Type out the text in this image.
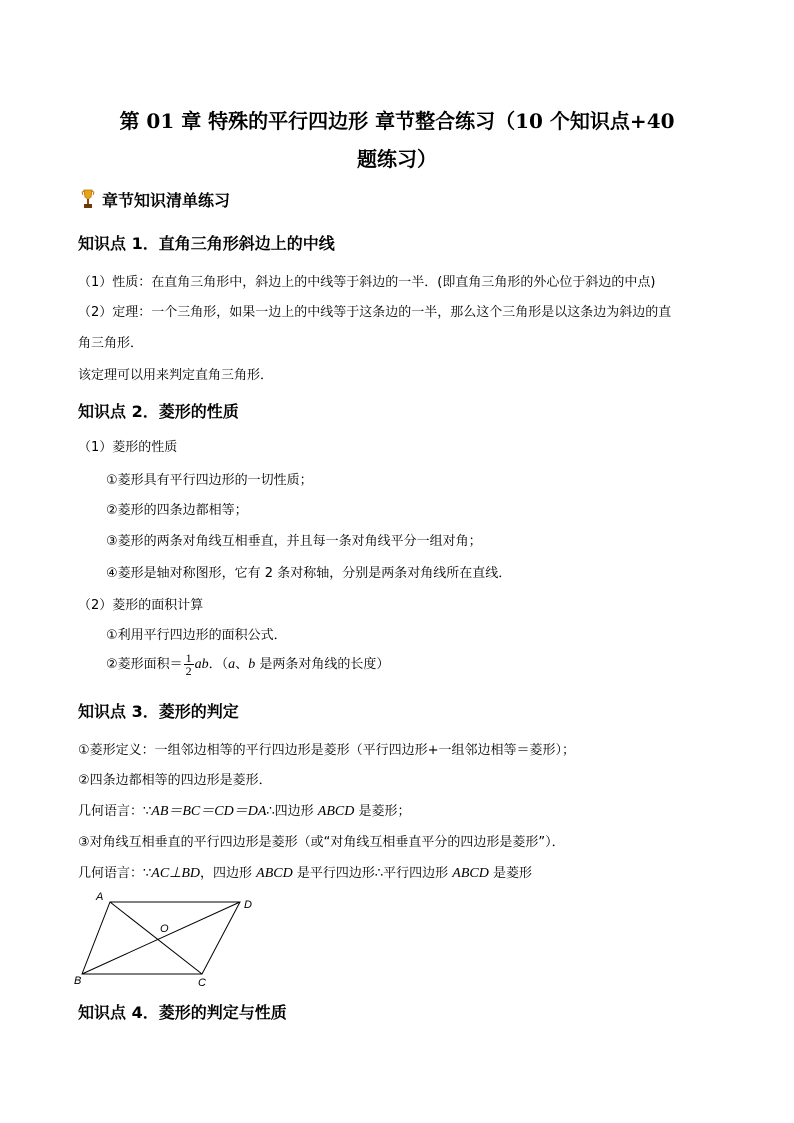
第 01 章 特殊的平行四边形 章节整合练习（10 个知识点+40
题练习）
章节知识清单练习
知识点 1．直角三角形斜边上的中线
（1）性质：在直角三角形中，斜边上的中线等于斜边的一半．(即直角三角形的外心位于斜边的中点)
（2）定理：一个三角形，如果一边上的中线等于这条边的一半，那么这个三角形是以这条边为斜边的直
角三角形．
该定理可以用来判定直角三角形．
知识点 2．菱形的性质
（1）菱形的性质
①菱形具有平行四边形的一切性质；
②菱形的四条边都相等；
③菱形的两条对角线互相垂直，并且每一条对角线平分一组对角；
④菱形是轴对称图形，它有 2 条对称轴，分别是两条对角线所在直线．
（2）菱形的面积计算
①利用平行四边形的面积公式．
②菱形面积＝ $\frac{1}{2}$ ab．（a、b 是两条对角线的长度）
知识点 3．菱形的判定
①菱形定义：一组邻边相等的平行四边形是菱形（平行四边形+一组邻边相等＝菱形）；
②四条边都相等的四边形是菱形．
几何语言：∵AB＝BC＝CD＝DA∴四边形 ABCD 是菱形；
③对角线互相垂直的平行四边形是菱形（或“对角线互相垂直平分的四边形是菱形”）．
几何语言：∵AC⊥BD，四边形 ABCD 是平行四边形∴平行四边形 ABCD 是菱形
A
D
O
B	C
知识点 4．菱形的判定与性质
